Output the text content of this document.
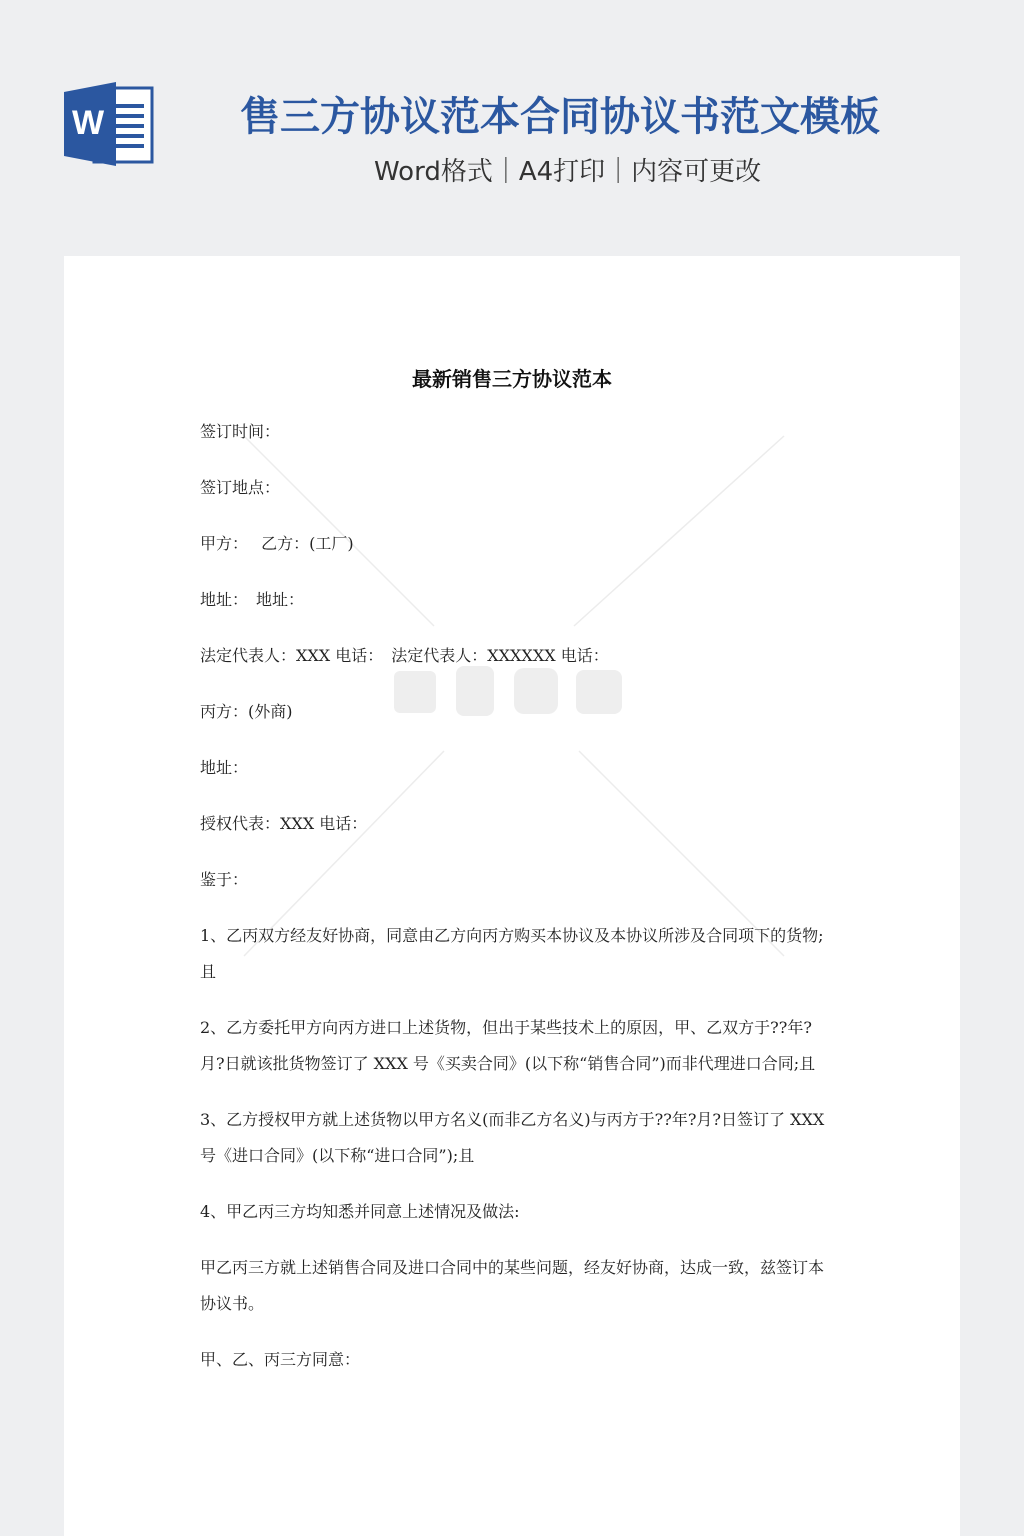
W	售三方协议范本合同协议书范文模板
Word格式｜A4打印｜内容可更改
最新销售三方协议范本

签订时间：

签订地点：

甲方：　 乙方：(工厂)

地址：　地址：

法定代表人：XXX 电话：　法定代表人：XXXXXX 电话：

丙方：(外商)

地址：

授权代表：XXX 电话：

鉴于：

1、乙丙双方经友好协商，同意由乙方向丙方购买本协议及本协议所涉及合同项下的货物;且

2、乙方委托甲方向丙方进口上述货物，但出于某些技术上的原因，甲、乙双方于??年?月?日就该批货物签订了 XXX 号《买卖合同》(以下称“销售合同”)而非代理进口合同;且

3、乙方授权甲方就上述货物以甲方名义(而非乙方名义)与丙方于??年?月?日签订了 XXX 号《进口合同》(以下称“进口合同”);且

4、甲乙丙三方均知悉并同意上述情况及做法:

甲乙丙三方就上述销售合同及进口合同中的某些问题，经友好协商，达成一致，兹签订本协议书。

甲、乙、丙三方同意：
